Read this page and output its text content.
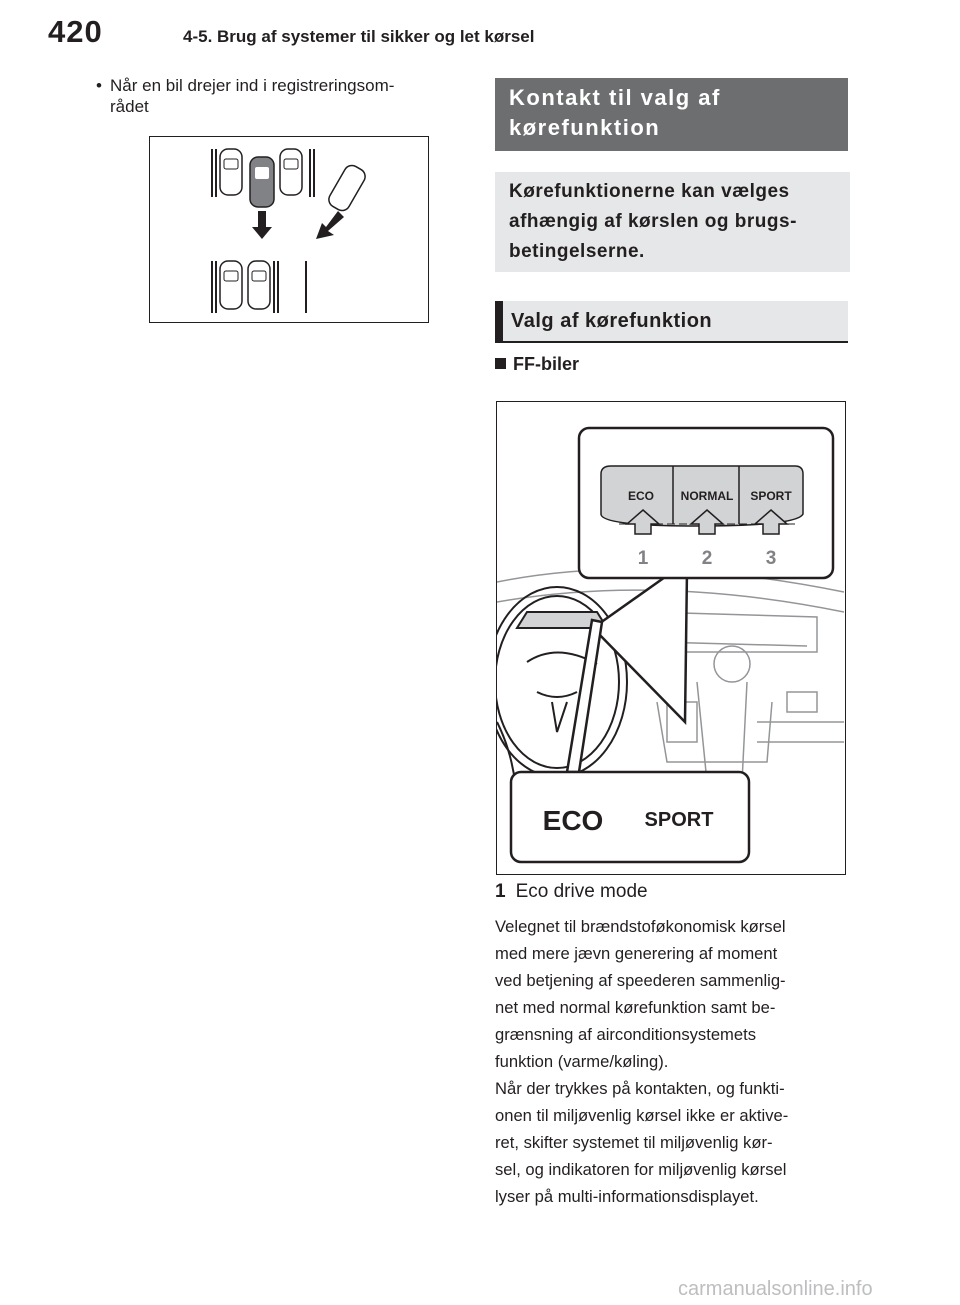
420	4-5. Brug af systemer til sikker og let kørsel
• Når en bil drejer ind i registreringsom-
rådet	Kontakt til valg af
kørefunktion
Kørefunktionerne kan vælges
afhængig af kørslen og brugs-
betingelserne.
Valg af kørefunktion
FF-biler
ECO NORMAL SPORT
1	2	3
ECO SPORT
1 Eco drive mode
Velegnet til brændstoføkonomisk kørsel
med mere jævn generering af moment
ved betjening af speederen sammenlig-
net med normal kørefunktion samt be-
grænsning af airconditionsystemets
funktion (varme/køling).
Når der trykkes på kontakten, og funkti-
onen til miljøvenlig kørsel ikke er aktive-
ret, skifter systemet til miljøvenlig kør-
sel, og indikatoren for miljøvenlig kørsel
lyser på multi-informationsdisplayet.
carmanualsonline.info
